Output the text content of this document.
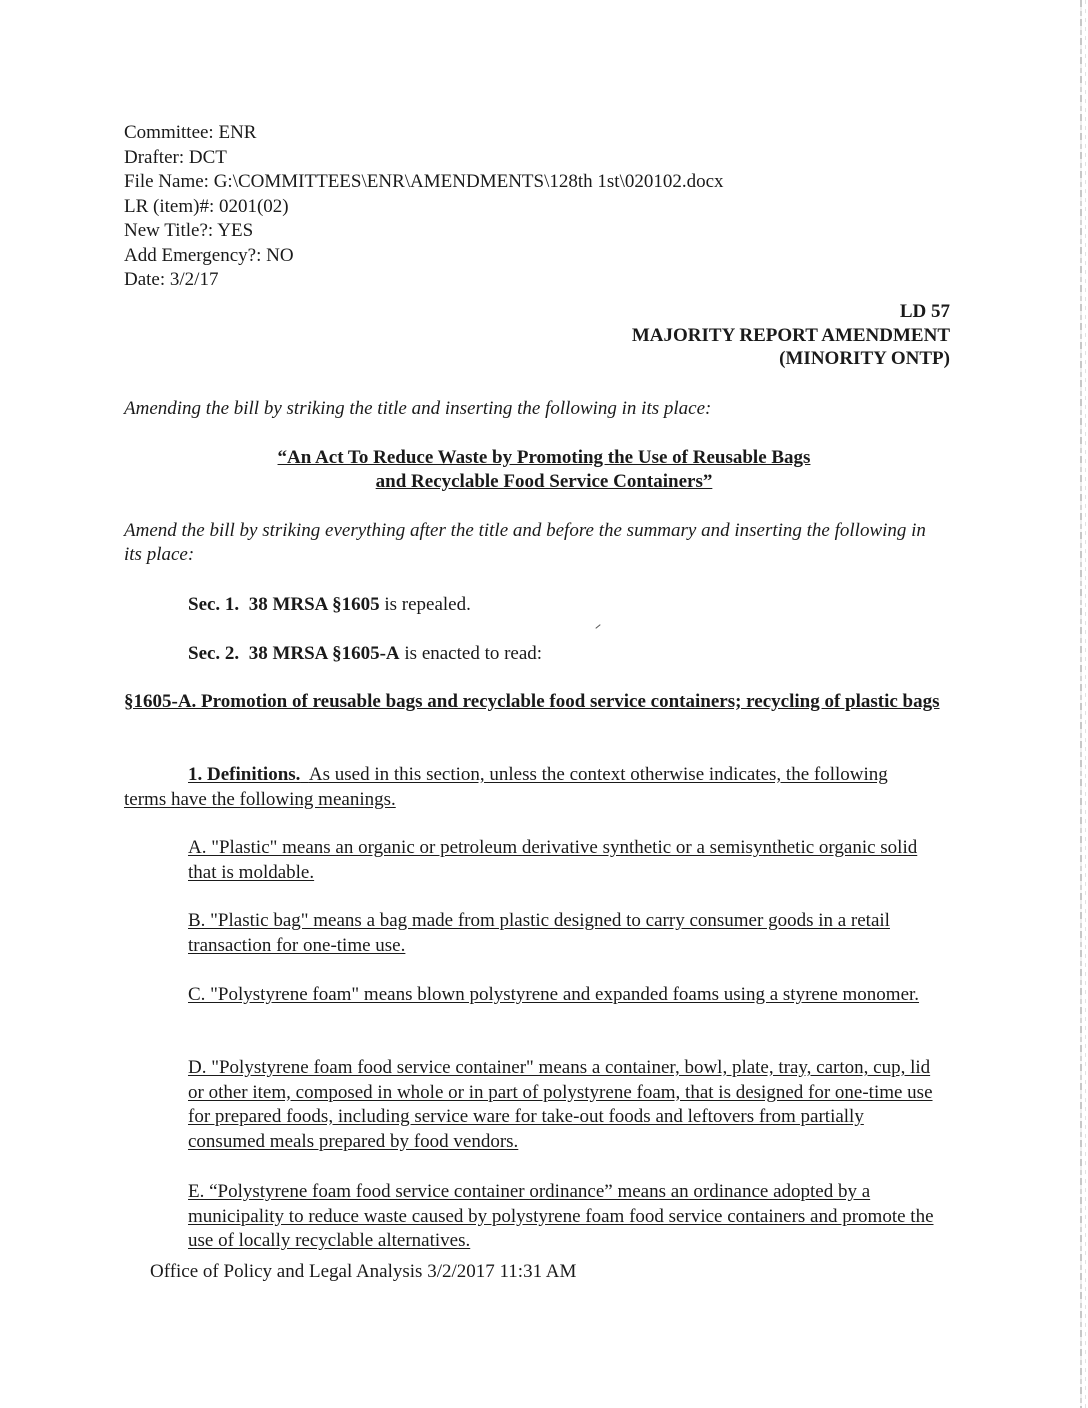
Committee: ENR
Drafter: DCT
File Name: G:\COMMITTEES\ENR\AMENDMENTS\128th 1st\020102.docx
LR (item)#: 0201(02)
New Title?: YES
Add Emergency?: NO
Date: 3/2/17
LD 57
MAJORITY REPORT AMENDMENT
(MINORITY ONTP)
Amending the bill by striking the title and inserting the following in its place:
“An Act To Reduce Waste by Promoting the Use of Reusable Bags
and Recyclable Food Service Containers”
Amend the bill by striking everything after the title and before the summary and inserting the following in its place:
Sec. 1. 38 MRSA §1605 is repealed.
Sec. 2. 38 MRSA §1605-A is enacted to read:
§1605-A. Promotion of reusable bags and recyclable food service containers; recycling of plastic bags
1. Definitions. As used in this section, unless the context otherwise indicates, the following terms have the following meanings.
A. "Plastic" means an organic or petroleum derivative synthetic or a semisynthetic organic solid that is moldable.
B. "Plastic bag" means a bag made from plastic designed to carry consumer goods in a retail transaction for one-time use.
C. "Polystyrene foam" means blown polystyrene and expanded foams using a styrene monomer.
D. "Polystyrene foam food service container" means a container, bowl, plate, tray, carton, cup, lid or other item, composed in whole or in part of polystyrene foam, that is designed for one-time use for prepared foods, including service ware for take-out foods and leftovers from partially consumed meals prepared by food vendors.
E. “Polystyrene foam food service container ordinance” means an ordinance adopted by a municipality to reduce waste caused by polystyrene foam food service containers and promote the use of locally recyclable alternatives.
Office of Policy and Legal Analysis 3/2/2017 11:31 AM
